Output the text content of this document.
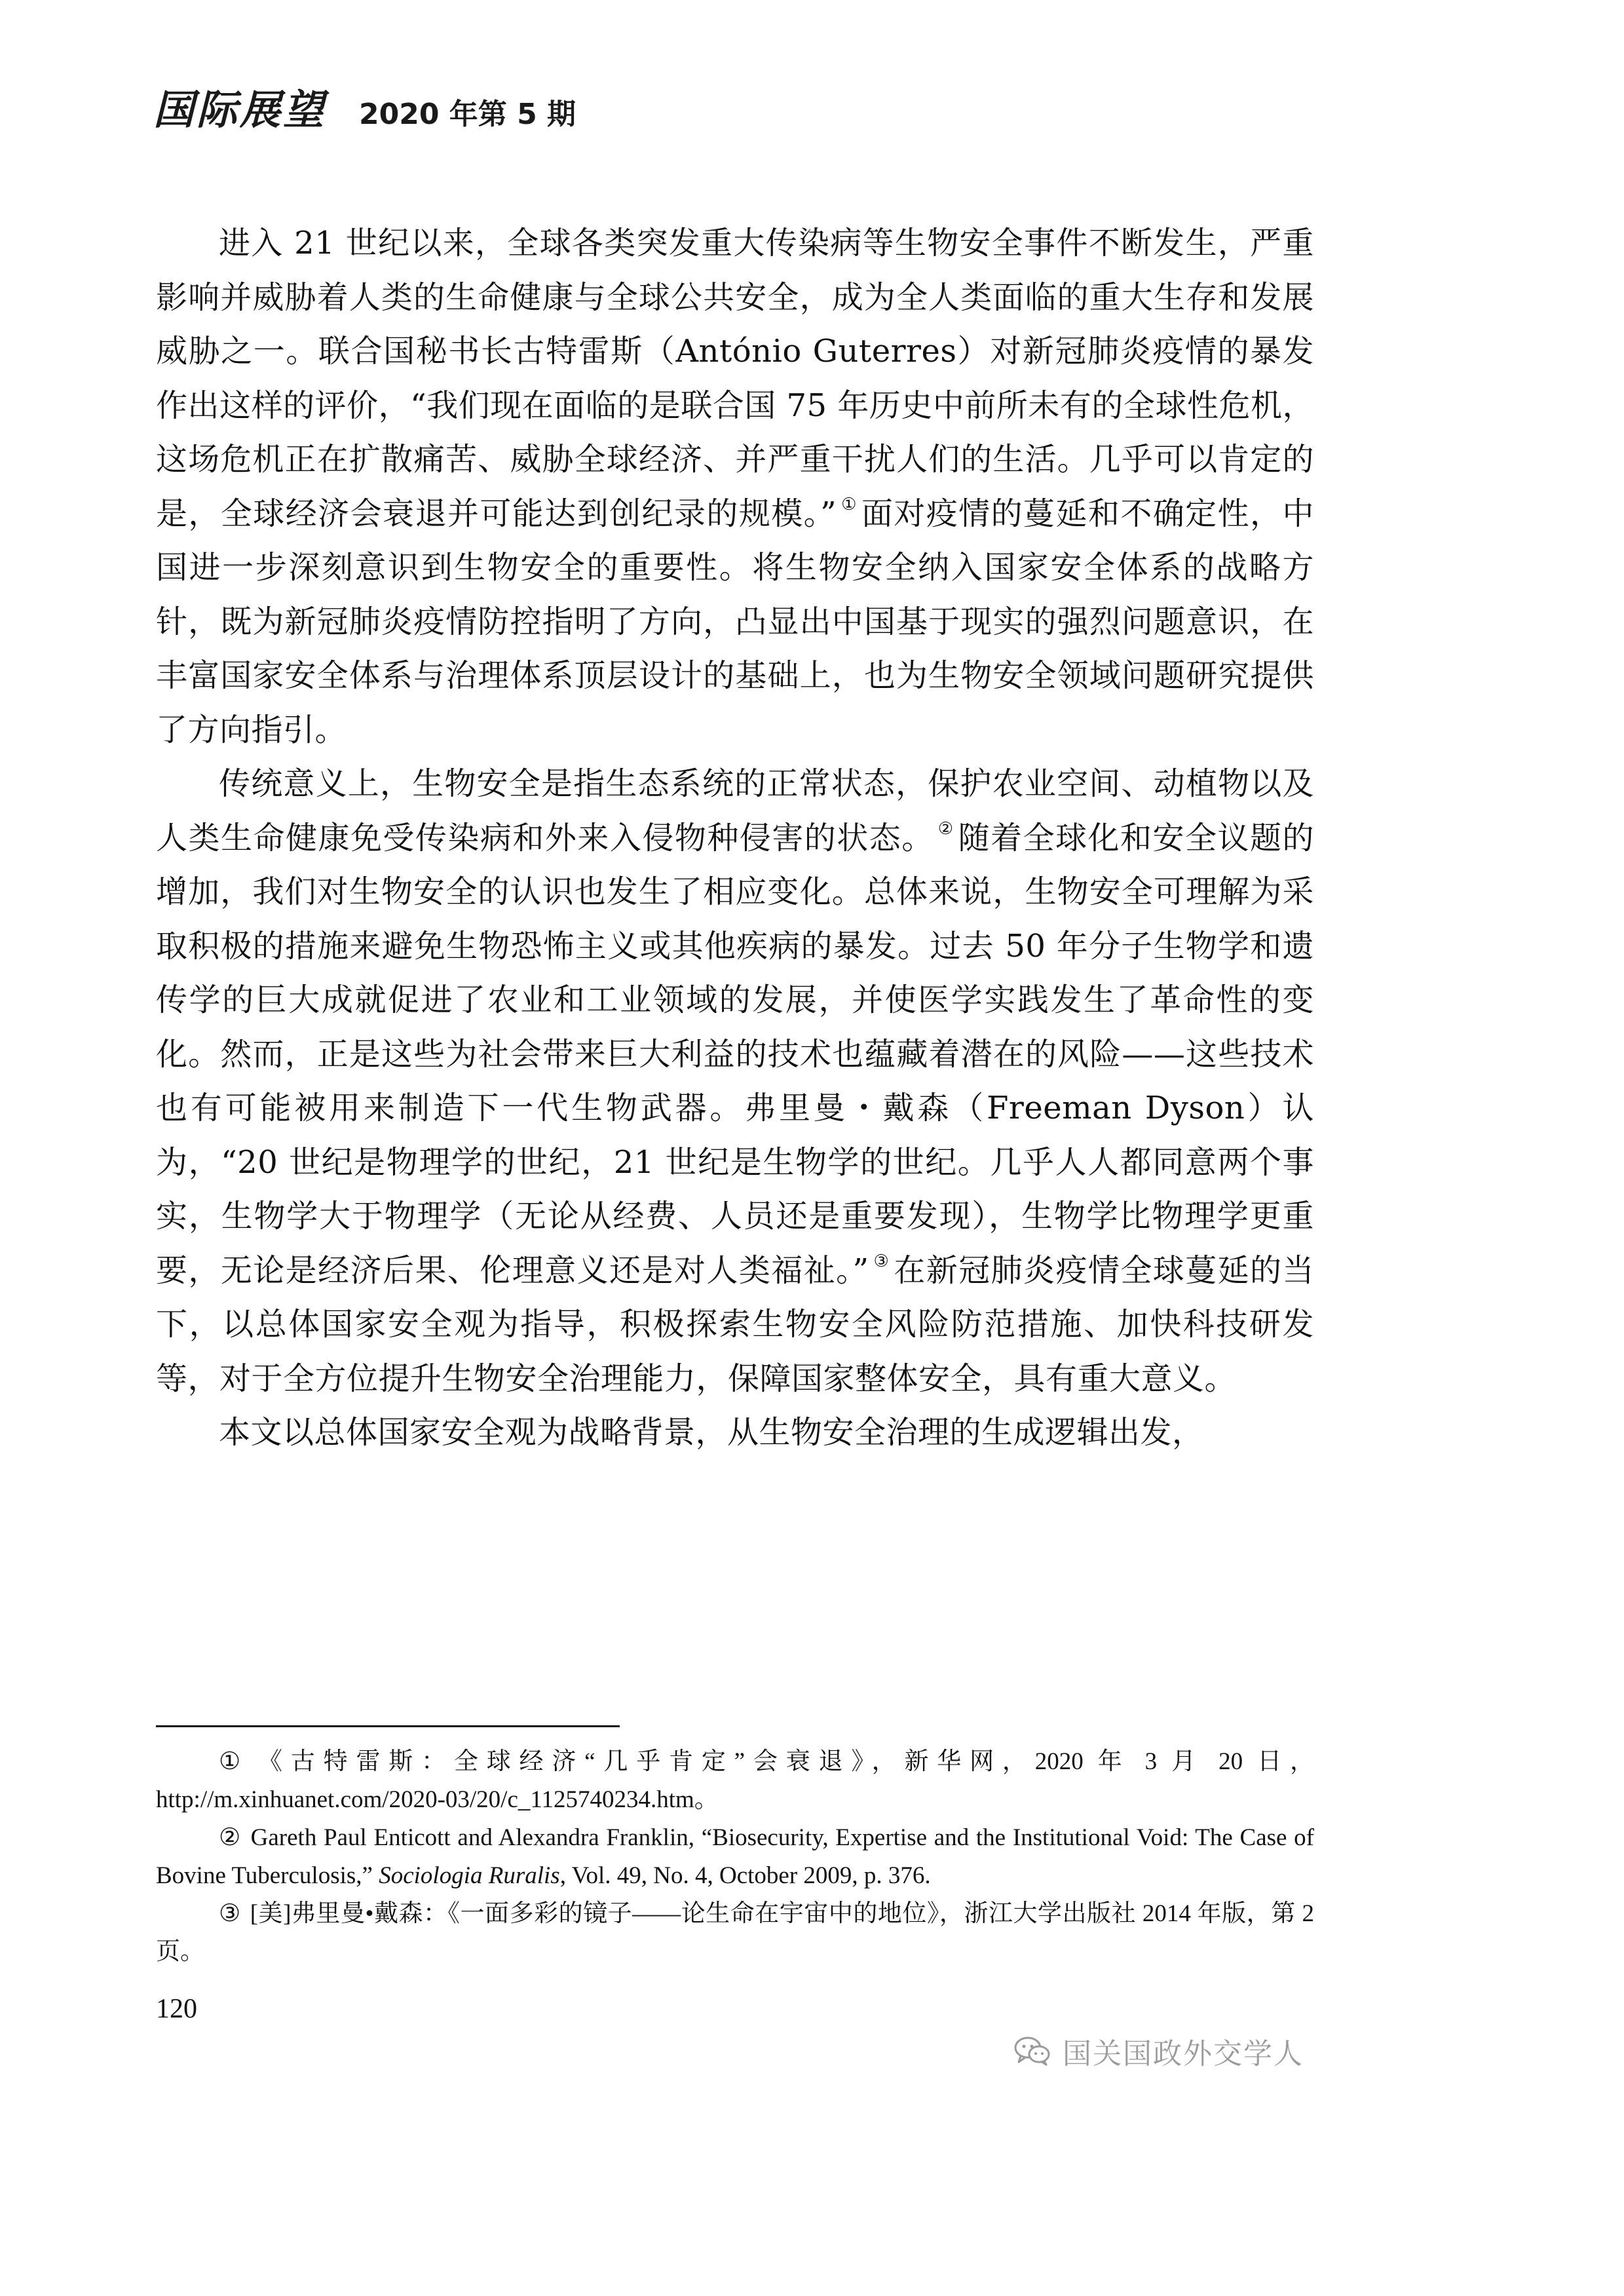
国际展望 2020 年第 5 期

进入 21 世纪以来，全球各类突发重大传染病等生物安全事件不断发生，严重影响并威胁着人类的生命健康与全球公共安全，成为全人类面临的重大生存和发展威胁之一。联合国秘书长古特雷斯（António Guterres）对新冠肺炎疫情的暴发作出这样的评价，“我们现在面临的是联合国 75 年历史中前所未有的全球性危机，这场危机正在扩散痛苦、威胁全球经济、并严重干扰人们的生活。几乎可以肯定的是，全球经济会衰退并可能达到创纪录的规模。” ① 面对疫情的蔓延和不确定性，中国进一步深刻意识到生物安全的重要性。将生物安全纳入国家安全体系的战略方针，既为新冠肺炎疫情防控指明了方向，凸显出中国基于现实的强烈问题意识，在丰富国家安全体系与治理体系顶层设计的基础上，也为生物安全领域问题研究提供了方向指引。

传统意义上，生物安全是指生态系统的正常状态，保护农业空间、动植物以及人类生命健康免受传染病和外来入侵物种侵害的状态。 ② 随着全球化和安全议题的增加，我们对生物安全的认识也发生了相应变化。总体来说，生物安全可理解为采取积极的措施来避免生物恐怖主义或其他疾病的暴发。过去 50 年分子生物学和遗传学的巨大成就促进了农业和工业领域的发展，并使医学实践发生了革命性的变化。然而，正是这些为社会带来巨大利益的技术也蕴藏着潜在的风险——这些技术也有可能被用来制造下一代生物武器。弗里曼・戴森（Freeman Dyson）认为，“20 世纪是物理学的世纪，21 世纪是生物学的世纪。几乎人人都同意两个事实，生物学大于物理学（无论从经费、人员还是重要发现），生物学比物理学更重要，无论是经济后果、伦理意义还是对人类福祉。” ③ 在新冠肺炎疫情全球蔓延的当下，以总体国家安全观为指导，积极探索生物安全风险防范措施、加快科技研发等，对于全方位提升生物安全治理能力，保障国家整体安全，具有重大意义。

本文以总体国家安全观为战略背景，从生物安全治理的生成逻辑出发，

① 《古特雷斯：全球经济“几乎肯定”会衰退》，新华网，2020 年 3 月 20 日，http://m.xinhuanet.com/2020-03/20/c_1125740234.htm。

② Gareth Paul Enticott and Alexandra Franklin, “Biosecurity, Expertise and the Institutional Void: The Case of Bovine Tuberculosis,” Sociologia Ruralis, Vol. 49, No. 4, October 2009, p. 376.

③ [美]弗里曼•戴森：《一面多彩的镜子——论生命在宇宙中的地位》，浙江大学出版社 2014 年版，第 2 页。

120
国关国政外交学人
